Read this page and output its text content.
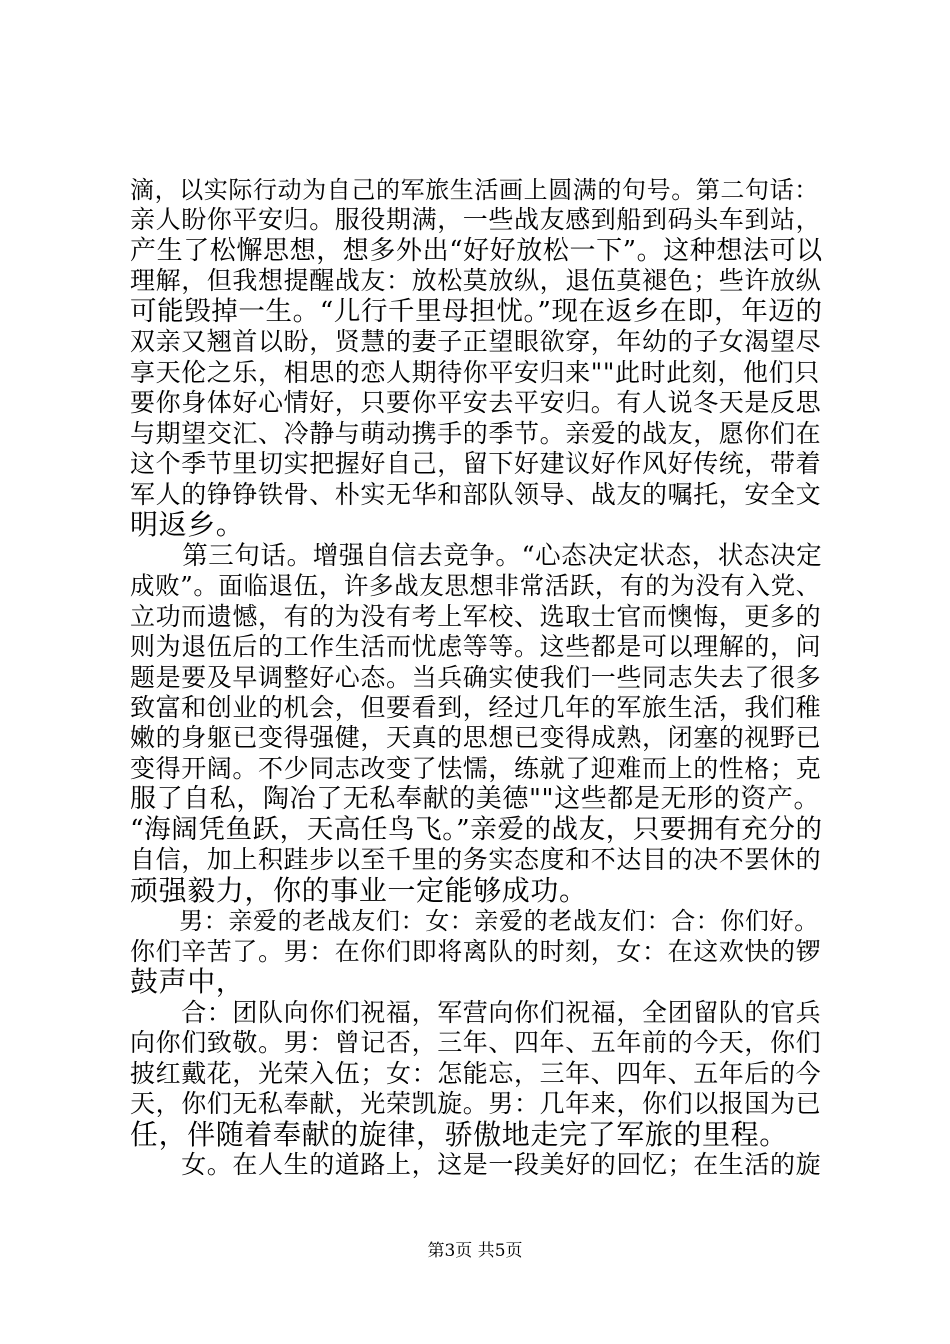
滴，以实际行动为自己的军旅生活画上圆满的句号。第二句话：
亲人盼你平安归。服役期满，一些战友感到船到码头车到站，
产生了松懈思想，想多外出“好好放松一下”。这种想法可以
理解，但我想提醒战友：放松莫放纵，退伍莫褪色；些许放纵
可能毁掉一生。“儿行千里母担忧。”现在返乡在即，年迈的
双亲又翘首以盼，贤慧的妻子正望眼欲穿，年幼的子女渴望尽
享天伦之乐，相思的恋人期待你平安归来""此时此刻，他们只
要你身体好心情好，只要你平安去平安归。有人说冬天是反思
与期望交汇、冷静与萌动携手的季节。亲爱的战友，愿你们在
这个季节里切实把握好自己，留下好建议好作风好传统，带着
军人的铮铮铁骨、朴实无华和部队领导、战友的嘱托，安全文
明返乡。
　　第三句话。增强自信去竞争。“心态决定状态，状态决定
成败”。面临退伍，许多战友思想非常活跃，有的为没有入党、
立功而遗憾，有的为没有考上军校、选取士官而懊悔，更多的
则为退伍后的工作生活而忧虑等等。这些都是可以理解的，问
题是要及早调整好心态。当兵确实使我们一些同志失去了很多
致富和创业的机会，但要看到，经过几年的军旅生活，我们稚
嫩的身躯已变得强健，天真的思想已变得成熟，闭塞的视野已
变得开阔。不少同志改变了怯懦，练就了迎难而上的性格；克
服了自私，陶冶了无私奉献的美德""这些都是无形的资产。
“海阔凭鱼跃，天高任鸟飞。”亲爱的战友，只要拥有充分的
自信，加上积跬步以至千里的务实态度和不达目的决不罢休的
顽强毅力，你的事业一定能够成功。
　　男：亲爱的老战友们：女：亲爱的老战友们：合：你们好。
你们辛苦了。男：在你们即将离队的时刻，女：在这欢快的锣
鼓声中，
　　合：团队向你们祝福，军营向你们祝福，全团留队的官兵
向你们致敬。男：曾记否，三年、四年、五年前的今天，你们
披红戴花，光荣入伍；女：怎能忘，三年、四年、五年后的今
天，你们无私奉献，光荣凯旋。男：几年来，你们以报国为已
任，伴随着奉献的旋律，骄傲地走完了军旅的里程。
　　女。在人生的道路上，这是一段美好的回忆；在生活的旋
第3页 共5页
